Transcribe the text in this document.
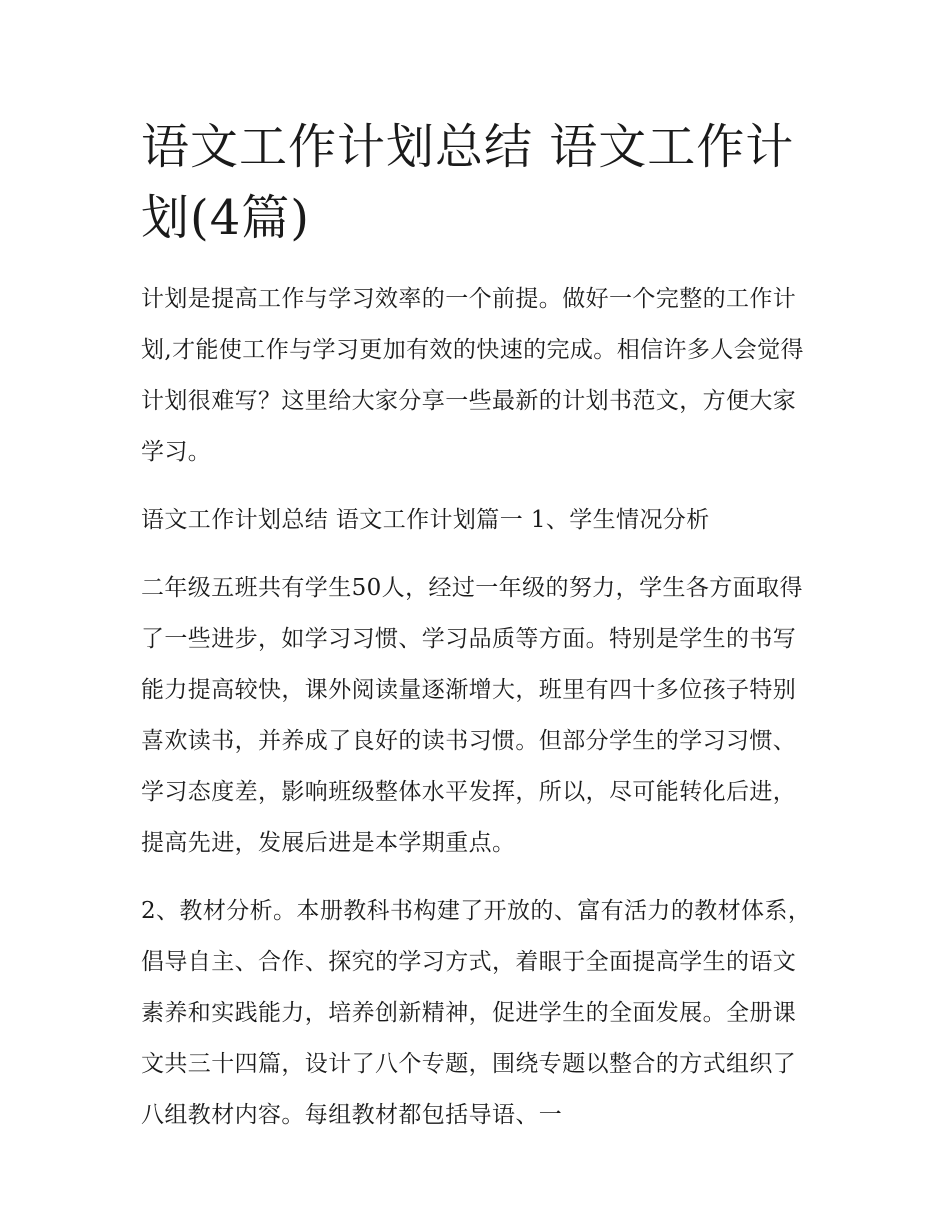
语文工作计划总结 语文工作计划(4篇)

计划是提高工作与学习效率的一个前提。做好一个完整的工作计划,才能使工作与学习更加有效的快速的完成。相信许多人会觉得计划很难写？这里给大家分享一些最新的计划书范文，方便大家学习。

语文工作计划总结 语文工作计划篇一 1、学生情况分析

二年级五班共有学生50人，经过一年级的努力，学生各方面取得了一些进步，如学习习惯、学习品质等方面。特别是学生的书写能力提高较快，课外阅读量逐渐增大，班里有四十多位孩子特别喜欢读书，并养成了良好的读书习惯。但部分学生的学习习惯、学习态度差，影响班级整体水平发挥，所以，尽可能转化后进，提高先进，发展后进是本学期重点。

2、教材分析。本册教科书构建了开放的、富有活力的教材体系，倡导自主、合作、探究的学习方式，着眼于全面提高学生的语文素养和实践能力，培养创新精神，促进学生的全面发展。全册课文共三十四篇，设计了八个专题，围绕专题以整合的方式组织了八组教材内容。每组教材都包括导语、一
